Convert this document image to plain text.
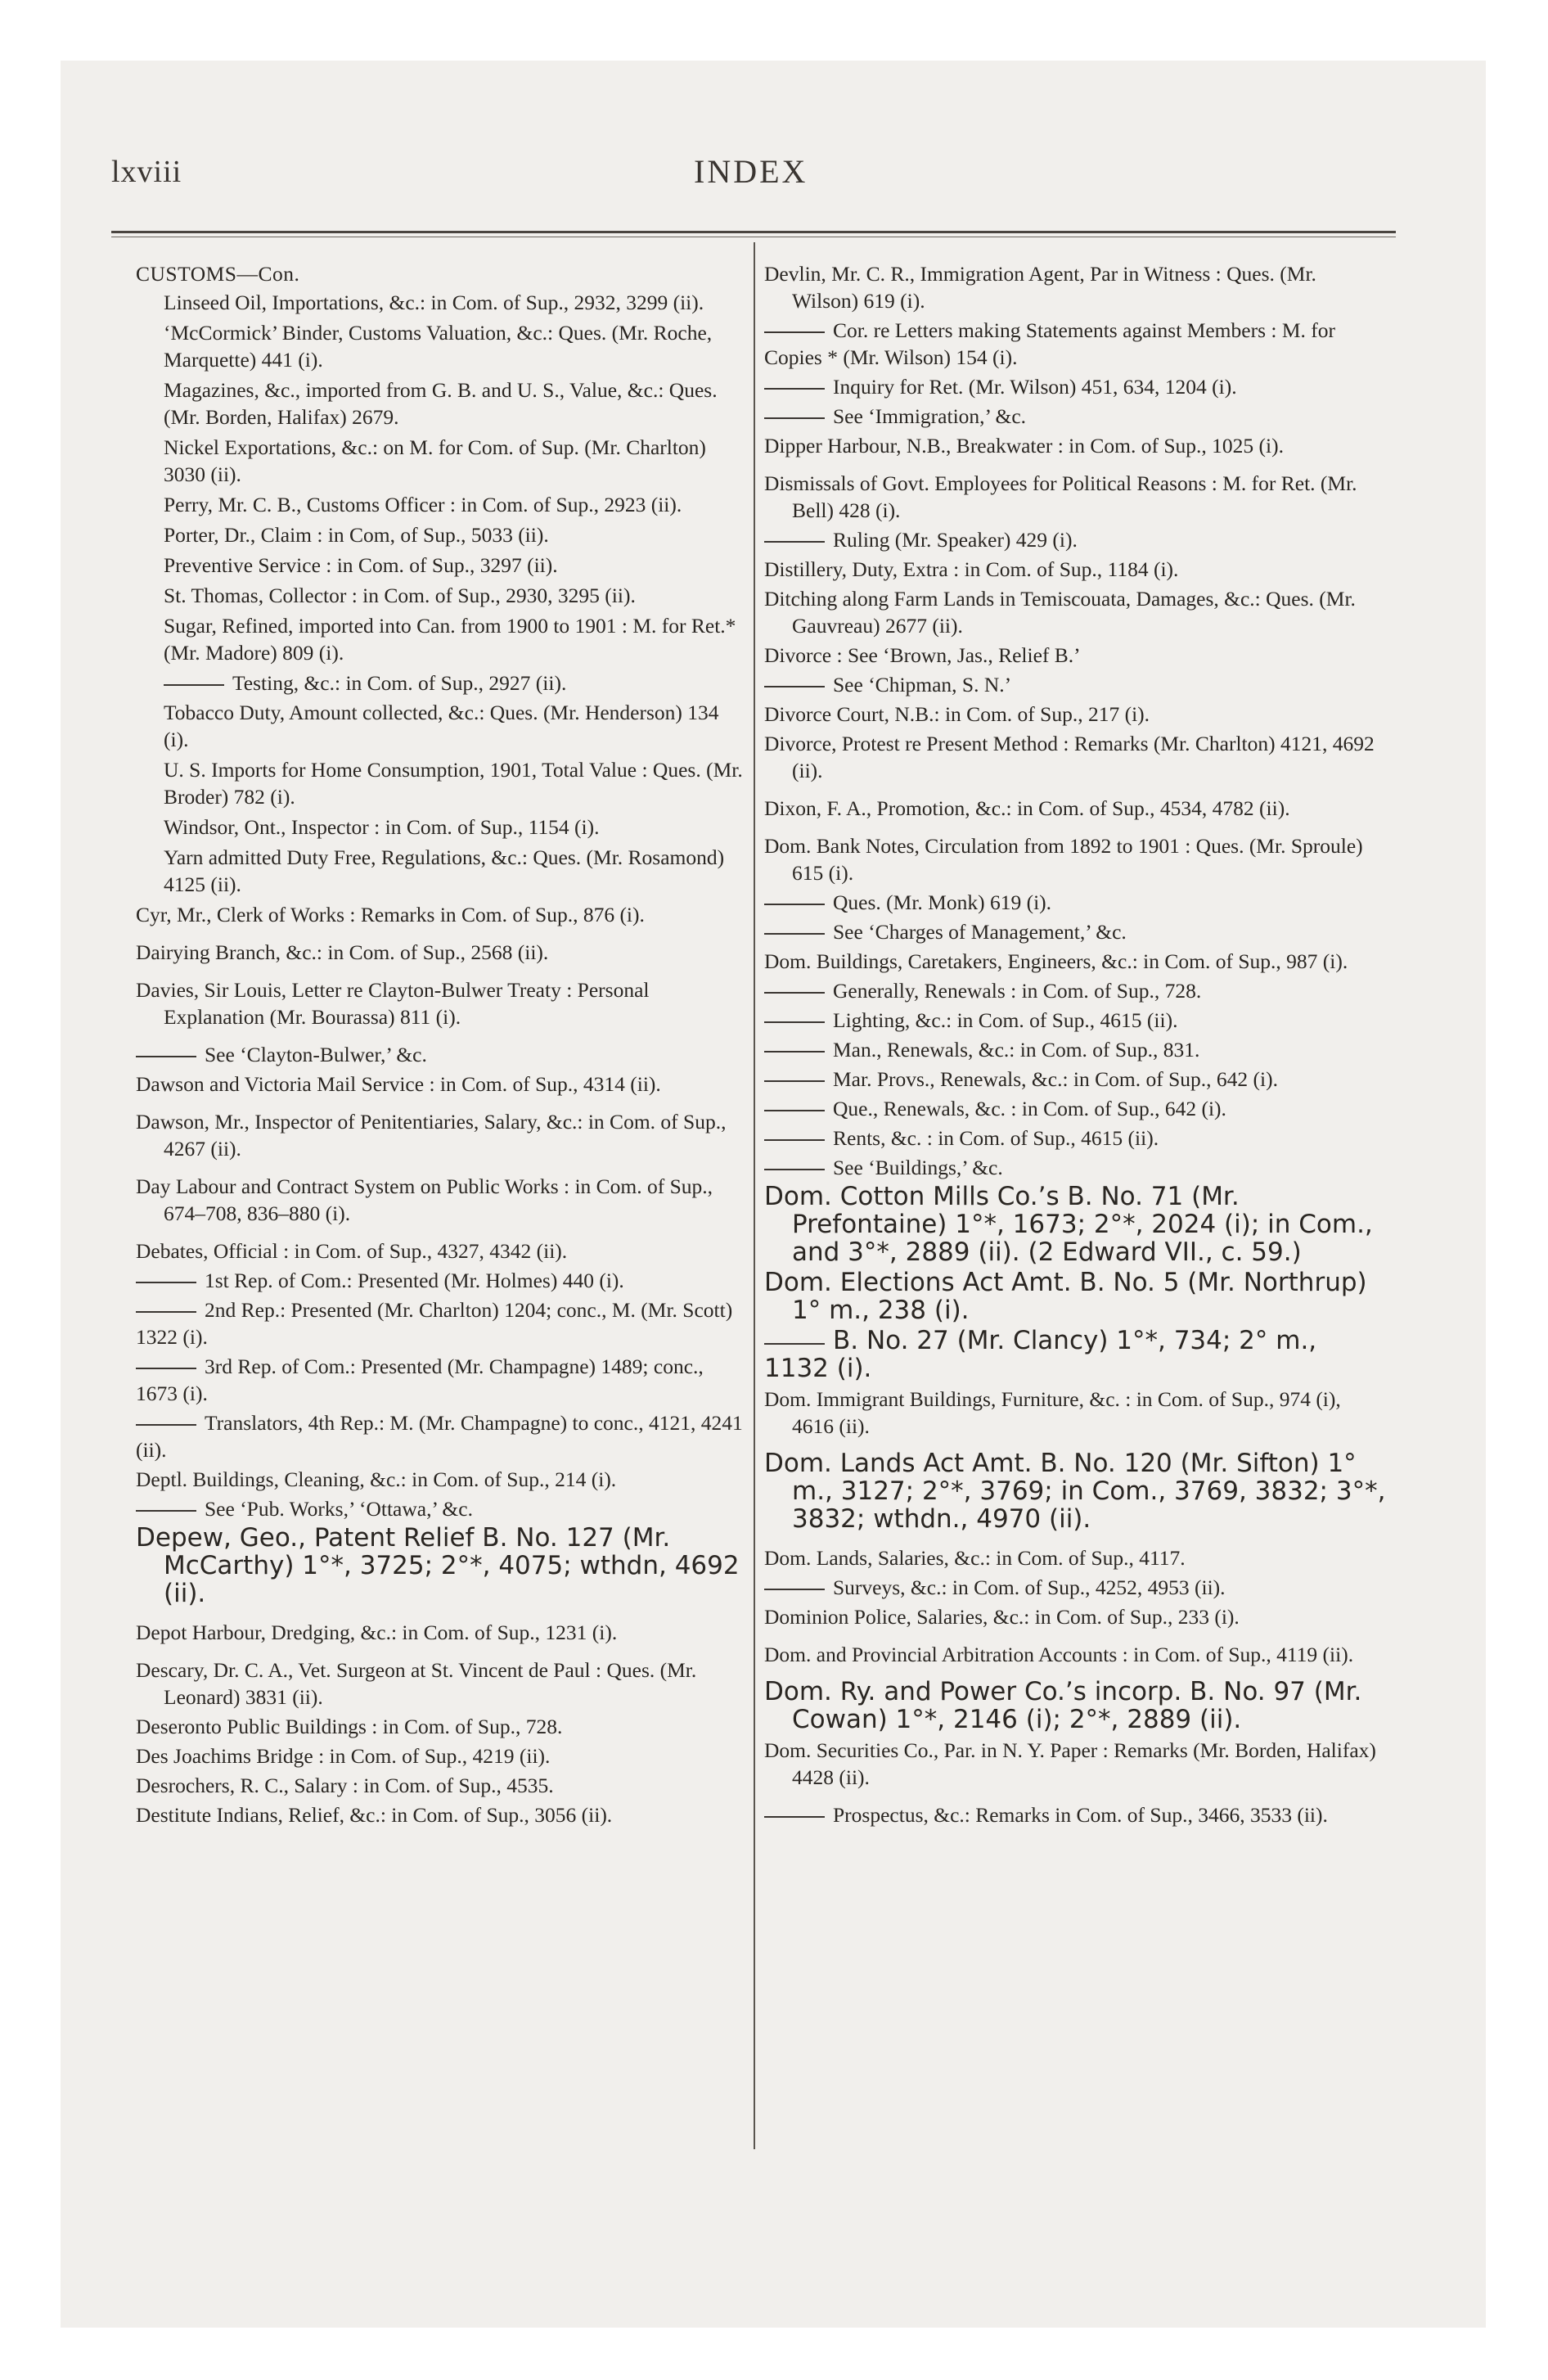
lxviii	INDEX
CUSTOMS—Con.
Linseed Oil, Importations, &c.: in Com. of Sup., 2932, 3299 (ii).
‘McCormick’ Binder, Customs Valuation, &c.: Ques. (Mr. Roche, Marquette) 441 (i).
Magazines, &c., imported from G. B. and U. S., Value, &c.: Ques. (Mr. Borden, Halifax) 2679.
Nickel Exportations, &c.: on M. for Com. of Sup. (Mr. Charlton) 3030 (ii).
Perry, Mr. C. B., Customs Officer : in Com. of Sup., 2923 (ii).
Porter, Dr., Claim : in Com, of Sup., 5033 (ii).
Preventive Service : in Com. of Sup., 3297 (ii).
St. Thomas, Collector : in Com. of Sup., 2930, 3295 (ii).
Sugar, Refined, imported into Can. from 1900 to 1901 : M. for Ret.* (Mr. Madore) 809 (i).
Testing, &c.: in Com. of Sup., 2927 (ii).
Tobacco Duty, Amount collected, &c.: Ques. (Mr. Henderson) 134 (i).
U. S. Imports for Home Consumption, 1901, Total Value : Ques. (Mr. Broder) 782 (i).
Windsor, Ont., Inspector : in Com. of Sup., 1154 (i).
Yarn admitted Duty Free, Regulations, &c.: Ques. (Mr. Rosamond) 4125 (ii).
Cyr, Mr., Clerk of Works : Remarks in Com. of Sup., 876 (i).
Dairying Branch, &c.: in Com. of Sup., 2568 (ii).
Davies, Sir Louis, Letter re Clayton-Bulwer Treaty : Personal Explanation (Mr. Bourassa) 811 (i).
See ‘Clayton-Bulwer,’ &c.
Dawson and Victoria Mail Service : in Com. of Sup., 4314 (ii).
Dawson, Mr., Inspector of Penitentiaries, Salary, &c.: in Com. of Sup., 4267 (ii).
Day Labour and Contract System on Public Works : in Com. of Sup., 674–708, 836–880 (i).
Debates, Official : in Com. of Sup., 4327, 4342 (ii).
1st Rep. of Com.: Presented (Mr. Holmes) 440 (i).
2nd Rep.: Presented (Mr. Charlton) 1204; conc., M. (Mr. Scott) 1322 (i).
3rd Rep. of Com.: Presented (Mr. Champagne) 1489; conc., 1673 (i).
Translators, 4th Rep.: M. (Mr. Champagne) to conc., 4121, 4241 (ii).
Deptl. Buildings, Cleaning, &c.: in Com. of Sup., 214 (i).
See ‘Pub. Works,’ ‘Ottawa,’ &c.
Depew, Geo., Patent Relief B. No. 127 (Mr. McCarthy) 1°*, 3725; 2°*, 4075; wthdn, 4692 (ii).
Depot Harbour, Dredging, &c.: in Com. of Sup., 1231 (i).
Descary, Dr. C. A., Vet. Surgeon at St. Vincent de Paul : Ques. (Mr. Leonard) 3831 (ii).
Deseronto Public Buildings : in Com. of Sup., 728.
Des Joachims Bridge : in Com. of Sup., 4219 (ii).
Desrochers, R. C., Salary : in Com. of Sup., 4535.
Destitute Indians, Relief, &c.: in Com. of Sup., 3056 (ii).
Devlin, Mr. C. R., Immigration Agent, Par in Witness : Ques. (Mr. Wilson) 619 (i).
Cor. re Letters making Statements against Members : M. for Copies * (Mr. Wilson) 154 (i).
Inquiry for Ret. (Mr. Wilson) 451, 634, 1204 (i).
See ‘Immigration,’ &c.
Dipper Harbour, N.B., Breakwater : in Com. of Sup., 1025 (i).
Dismissals of Govt. Employees for Political Reasons : M. for Ret. (Mr. Bell) 428 (i).
Ruling (Mr. Speaker) 429 (i).
Distillery, Duty, Extra : in Com. of Sup., 1184 (i).
Ditching along Farm Lands in Temiscouata, Damages, &c.: Ques. (Mr. Gauvreau) 2677 (ii).
Divorce : See ‘Brown, Jas., Relief B.’
See ‘Chipman, S. N.’
Divorce Court, N.B.: in Com. of Sup., 217 (i).
Divorce, Protest re Present Method : Remarks (Mr. Charlton) 4121, 4692 (ii).
Dixon, F. A., Promotion, &c.: in Com. of Sup., 4534, 4782 (ii).
Dom. Bank Notes, Circulation from 1892 to 1901 : Ques. (Mr. Sproule) 615 (i).
Ques. (Mr. Monk) 619 (i).
See ‘Charges of Management,’ &c.
Dom. Buildings, Caretakers, Engineers, &c.: in Com. of Sup., 987 (i).
Generally, Renewals : in Com. of Sup., 728.
Lighting, &c.: in Com. of Sup., 4615 (ii).
Man., Renewals, &c.: in Com. of Sup., 831.
Mar. Provs., Renewals, &c.: in Com. of Sup., 642 (i).
Que., Renewals, &c. : in Com. of Sup., 642 (i).
Rents, &c. : in Com. of Sup., 4615 (ii).
See ‘Buildings,’ &c.
Dom. Cotton Mills Co.’s B. No. 71 (Mr. Prefontaine) 1°*, 1673; 2°*, 2024 (i); in Com., and 3°*, 2889 (ii). (2 Edward VII., c. 59.)
Dom. Elections Act Amt. B. No. 5 (Mr. Northrup) 1° m., 238 (i).
B. No. 27 (Mr. Clancy) 1°*, 734; 2° m., 1132 (i).
Dom. Immigrant Buildings, Furniture, &c. : in Com. of Sup., 974 (i), 4616 (ii).
Dom. Lands Act Amt. B. No. 120 (Mr. Sifton) 1° m., 3127; 2°*, 3769; in Com., 3769, 3832; 3°*, 3832; wthdn., 4970 (ii).
Dom. Lands, Salaries, &c.: in Com. of Sup., 4117.
Surveys, &c.: in Com. of Sup., 4252, 4953 (ii).
Dominion Police, Salaries, &c.: in Com. of Sup., 233 (i).
Dom. and Provincial Arbitration Accounts : in Com. of Sup., 4119 (ii).
Dom. Ry. and Power Co.’s incorp. B. No. 97 (Mr. Cowan) 1°*, 2146 (i); 2°*, 2889 (ii).
Dom. Securities Co., Par. in N. Y. Paper : Remarks (Mr. Borden, Halifax) 4428 (ii).
Prospectus, &c.: Remarks in Com. of Sup., 3466, 3533 (ii).
